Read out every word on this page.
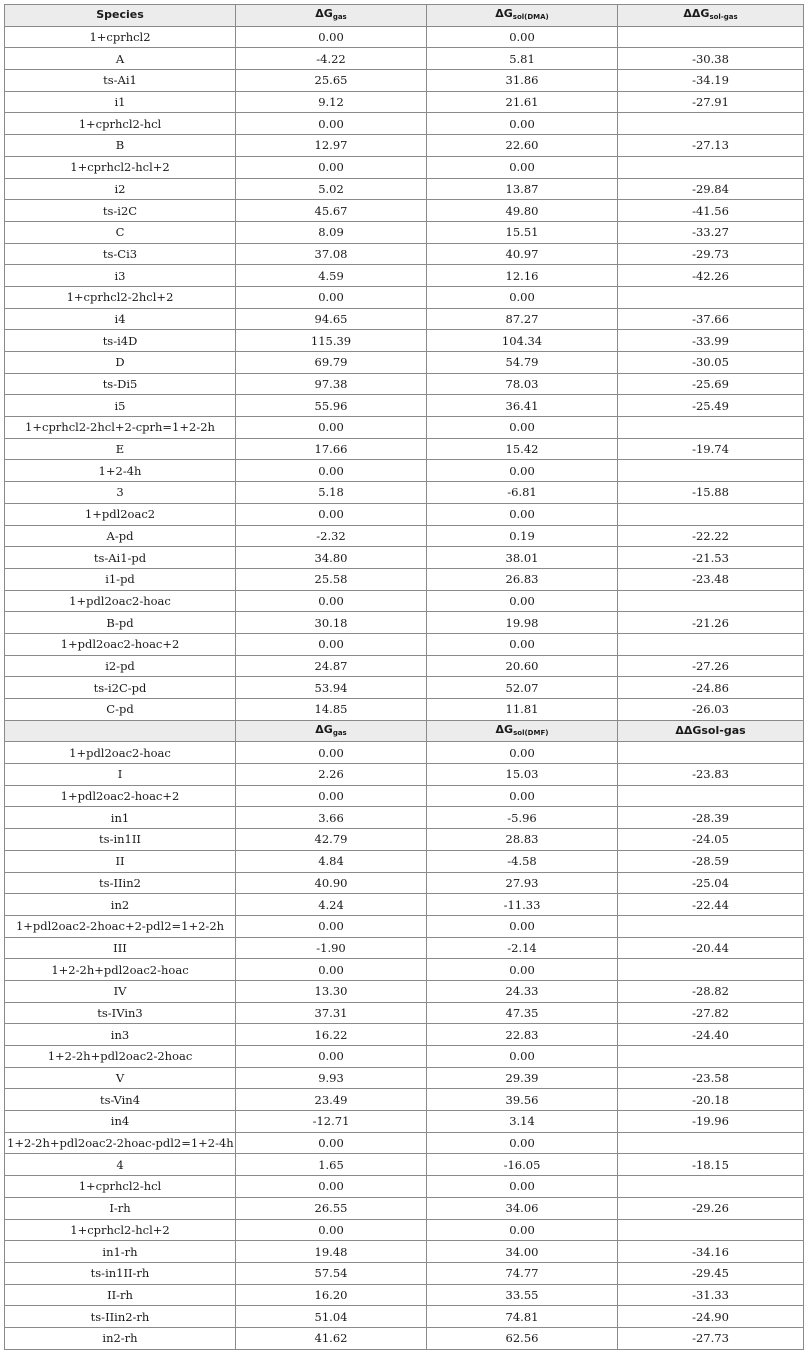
Species	$\Delta G_{gas}$	$\Delta G_{sol(DMA)}$	$\Delta\Delta G_{sol-gas}$
1+cprhcl2	0.00	0.00	
A	-4.22	5.81	-30.38
ts-Ai1	25.65	31.86	-34.19
i1	9.12	21.61	-27.91
1+cprhcl2-hcl	0.00	0.00	
B	12.97	22.60	-27.13
1+cprhcl2-hcl+2	0.00	0.00	
i2	5.02	13.87	-29.84
ts-i2C	45.67	49.80	-41.56
C	8.09	15.51	-33.27
ts-Ci3	37.08	40.97	-29.73
i3	4.59	12.16	-42.26
1+cprhcl2-2hcl+2	0.00	0.00	
i4	94.65	87.27	-37.66
ts-i4D	115.39	104.34	-33.99
D	69.79	54.79	-30.05
ts-Di5	97.38	78.03	-25.69
i5	55.96	36.41	-25.49
1+cprhcl2-2hcl+2-cprh=1+2-2h	0.00	0.00	
E	17.66	15.42	-19.74
1+2-4h	0.00	0.00	
3	5.18	-6.81	-15.88
1+pdl2oac2	0.00	0.00	
A-pd	-2.32	0.19	-22.22
ts-Ai1-pd	34.80	38.01	-21.53
i1-pd	25.58	26.83	-23.48
1+pdl2oac2-hoac	0.00	0.00	
B-pd	30.18	19.98	-21.26
1+pdl2oac2-hoac+2	0.00	0.00	
i2-pd	24.87	20.60	-27.26
ts-i2C-pd	53.94	52.07	-24.86
C-pd	14.85	11.81	-26.03
	$\Delta G_{gas}$	$\Delta G_{sol(DMF)}$	ΔΔGsol-gas
1+pdl2oac2-hoac	0.00	0.00	
I	2.26	15.03	-23.83
1+pdl2oac2-hoac+2	0.00	0.00	
in1	3.66	-5.96	-28.39
ts-in1II	42.79	28.83	-24.05
II	4.84	-4.58	-28.59
ts-IIin2	40.90	27.93	-25.04
in2	4.24	-11.33	-22.44
1+pdl2oac2-2hoac+2-pdl2=1+2-2h	0.00	0.00	
III	-1.90	-2.14	-20.44
1+2-2h+pdl2oac2-hoac	0.00	0.00	
IV	13.30	24.33	-28.82
ts-IVin3	37.31	47.35	-27.82
in3	16.22	22.83	-24.40
1+2-2h+pdl2oac2-2hoac	0.00	0.00	
V	9.93	29.39	-23.58
ts-Vin4	23.49	39.56	-20.18
in4	-12.71	3.14	-19.96
1+2-2h+pdl2oac2-2hoac-pdl2=1+2-4h	0.00	0.00	
4	1.65	-16.05	-18.15
1+cprhcl2-hcl	0.00	0.00	
I-rh	26.55	34.06	-29.26
1+cprhcl2-hcl+2	0.00	0.00	
in1-rh	19.48	34.00	-34.16
ts-in1II-rh	57.54	74.77	-29.45
II-rh	16.20	33.55	-31.33
ts-IIin2-rh	51.04	74.81	-24.90
in2-rh	41.62	62.56	-27.73
